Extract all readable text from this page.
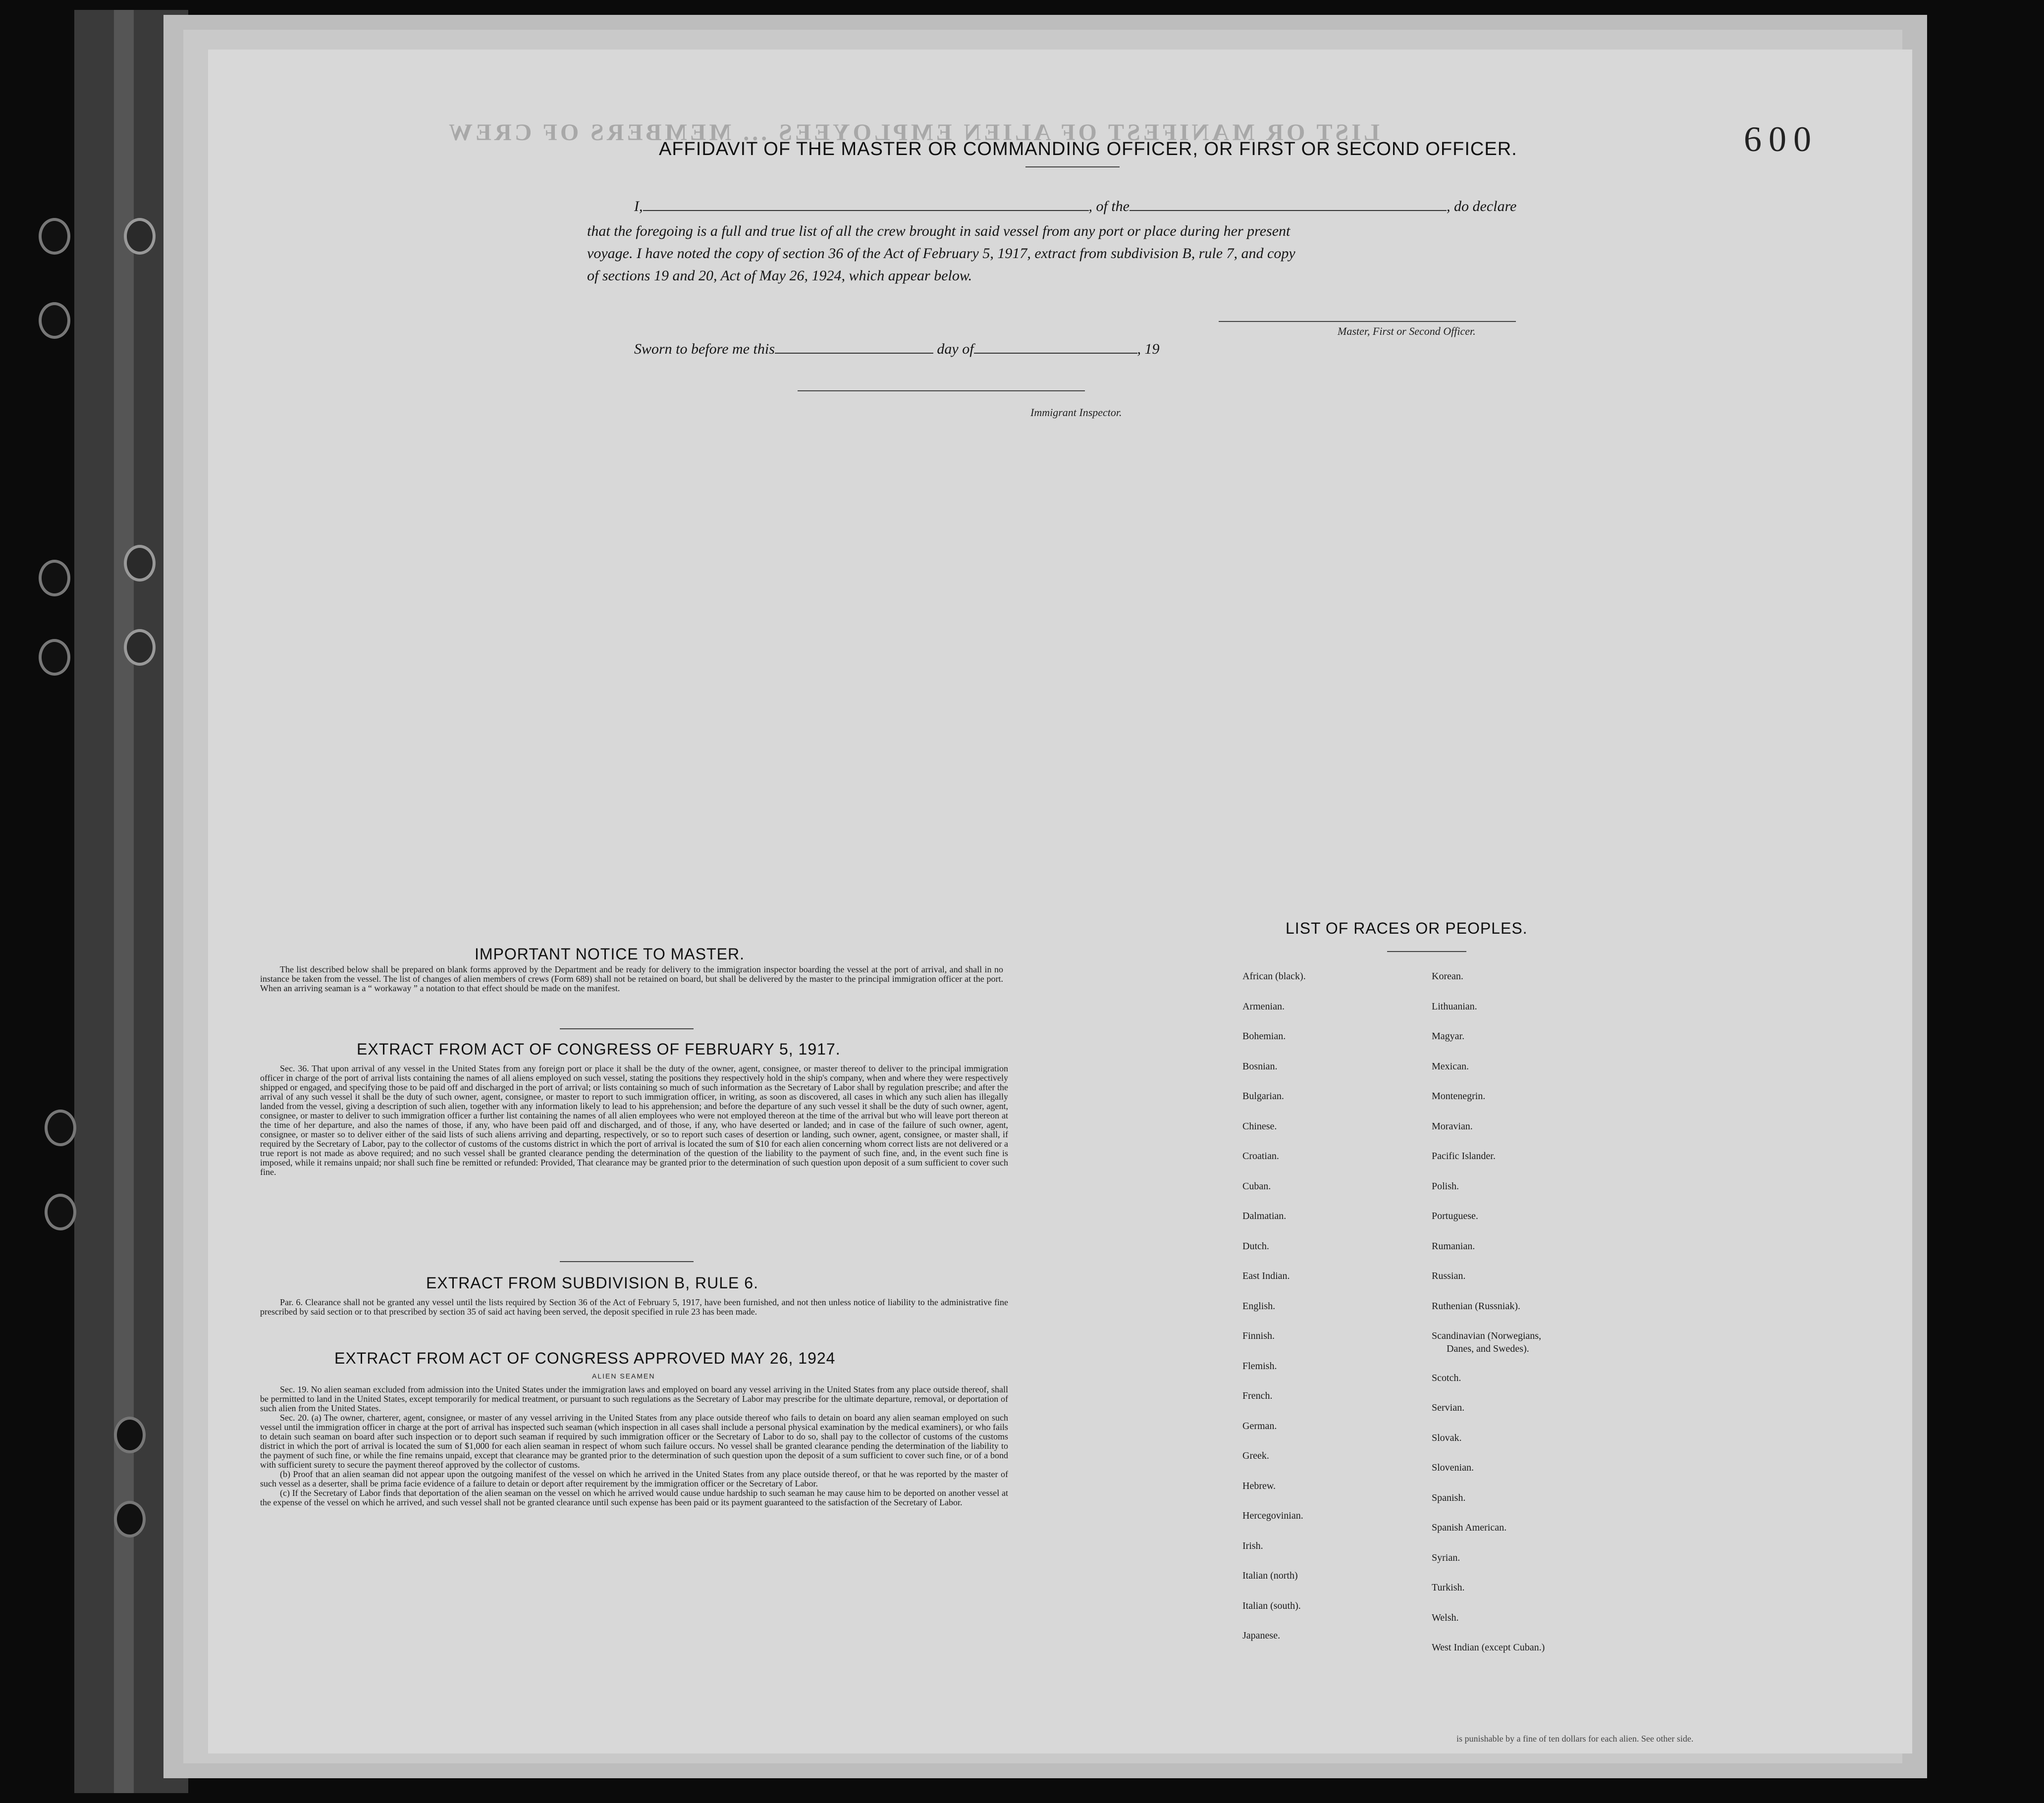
LIST OR MANIFEST OF ALIEN EMPLOYEES ... MEMBERS OF CREW	600
AFFIDAVIT OF THE MASTER OR COMMANDING OFFICER, OR FIRST OR SECOND OFFICER.
I,	, of the	, do declare
that the foregoing is a full and true list of all the crew brought in said vessel from any port or place during her present
voyage. I have noted the copy of section 36 of the Act of February 5, 1917, extract from subdivision B, rule 7, and copy
of sections 19 and 20, Act of May 26, 1924, which appear below.
Master, First or Second Officer.
Sworn to before me this	day of	, 19
Immigrant Inspector.
IMPORTANT NOTICE TO MASTER.

The list described below shall be prepared on blank forms approved by the Department and be ready for delivery to the immigration inspector boarding the vessel at the port of arrival, and shall in no instance be taken from the vessel. The list of changes of alien members of crews (Form 689) shall not be retained on board, but shall be delivered by the master to the principal immigration officer at the port. When an arriving seaman is a “ workaway ” a notation to that effect should be made on the manifest.

EXTRACT FROM ACT OF CONGRESS OF FEBRUARY 5, 1917.

Sec. 36. That upon arrival of any vessel in the United States from any foreign port or place it shall be the duty of the owner, agent, consignee, or master thereof to deliver to the principal immigration officer in charge of the port of arrival lists containing the names of all aliens employed on such vessel, stating the positions they respectively hold in the ship's company, when and where they were respectively shipped or engaged, and specifying those to be paid off and discharged in the port of arrival; or lists containing so much of such information as the Secretary of Labor shall by regulation prescribe; and after the arrival of any such vessel it shall be the duty of such owner, agent, consignee, or master to report to such immigration officer, in writing, as soon as discovered, all cases in which any such alien has illegally landed from the vessel, giving a description of such alien, together with any information likely to lead to his apprehension; and before the departure of any such vessel it shall be the duty of such owner, agent, consignee, or master to deliver to such immigration officer a further list containing the names of all alien employees who were not employed thereon at the time of the arrival but who will leave port thereon at the time of her departure, and also the names of those, if any, who have been paid off and discharged, and of those, if any, who have deserted or landed; and in case of the failure of such owner, agent, consignee, or master so to deliver either of the said lists of such aliens arriving and departing, respectively, or so to report such cases of desertion or landing, such owner, agent, consignee, or master shall, if required by the Secretary of Labor, pay to the collector of customs of the customs district in which the port of arrival is located the sum of $10 for each alien concerning whom correct lists are not delivered or a true report is not made as above required; and no such vessel shall be granted clearance pending the determination of the question of the liability to the payment of such fine, and, in the event such fine is imposed, while it remains unpaid; nor shall such fine be remitted or refunded: Provided, That clearance may be granted prior to the determination of such question upon deposit of a sum sufficient to cover such fine.

EXTRACT FROM SUBDIVISION B, RULE 6.

Par. 6. Clearance shall not be granted any vessel until the lists required by Section 36 of the Act of February 5, 1917, have been furnished, and not then unless notice of liability to the administrative fine prescribed by said section or to that prescribed by section 35 of said act having been served, the deposit specified in rule 23 has been made.

EXTRACT FROM ACT OF CONGRESS APPROVED MAY 26, 1924
ALIEN SEAMEN

Sec. 19. No alien seaman excluded from admission into the United States under the immigration laws and employed on board any vessel arriving in the United States from any place outside thereof, shall be permitted to land in the United States, except temporarily for medical treatment, or pursuant to such regulations as the Secretary of Labor may prescribe for the ultimate departure, removal, or deportation of such alien from the United States.

Sec. 20. (a) The owner, charterer, agent, consignee, or master of any vessel arriving in the United States from any place outside thereof who fails to detain on board any alien seaman employed on such vessel until the immigration officer in charge at the port of arrival has inspected such seaman (which inspection in all cases shall include a personal physical examination by the medical examiners), or who fails to detain such seaman on board after such inspection or to deport such seaman if required by such immigration officer or the Secretary of Labor to do so, shall pay to the collector of customs of the customs district in which the port of arrival is located the sum of $1,000 for each alien seaman in respect of whom such failure occurs. No vessel shall be granted clearance pending the determination of the liability to the payment of such fine, or while the fine remains unpaid, except that clearance may be granted prior to the determination of such question upon the deposit of a sum sufficient to cover such fine, or of a bond with sufficient surety to secure the payment thereof approved by the collector of customs.

(b) Proof that an alien seaman did not appear upon the outgoing manifest of the vessel on which he arrived in the United States from any place outside thereof, or that he was reported by the master of such vessel as a deserter, shall be prima facie evidence of a failure to detain or deport after requirement by the immigration officer or the Secretary of Labor.

(c) If the Secretary of Labor finds that deportation of the alien seaman on the vessel on which he arrived would cause undue hardship to such seaman he may cause him to be deported on another vessel at the expense of the vessel on which he arrived, and such vessel shall not be granted clearance until such expense has been paid or its payment guaranteed to the satisfaction of the Secretary of Labor.

LIST OF RACES OR PEOPLES.
African (black).
Armenian.
Bohemian.
Bosnian.
Bulgarian.
Chinese.
Croatian.
Cuban.
Dalmatian.
Dutch.
East Indian.
English.
Finnish.
Flemish.
French.
German.
Greek.
Hebrew.
Hercegovinian.
Irish.
Italian (north)
Italian (south).
Japanese.
Korean.
Lithuanian.
Magyar.
Mexican.
Montenegrin.
Moravian.
Pacific Islander.
Polish.
Portuguese.
Rumanian.
Russian.
Ruthenian (Russniak).
Scandinavian (Norwegians,
Scotch.
Servian.
Slovak.
Slovenian.
Spanish.
Spanish American.
Syrian.
Turkish.
Welsh.
West Indian (except Cuban.)
Danes, and Swedes).
is punishable by a fine of ten dollars for each alien. See other side.
